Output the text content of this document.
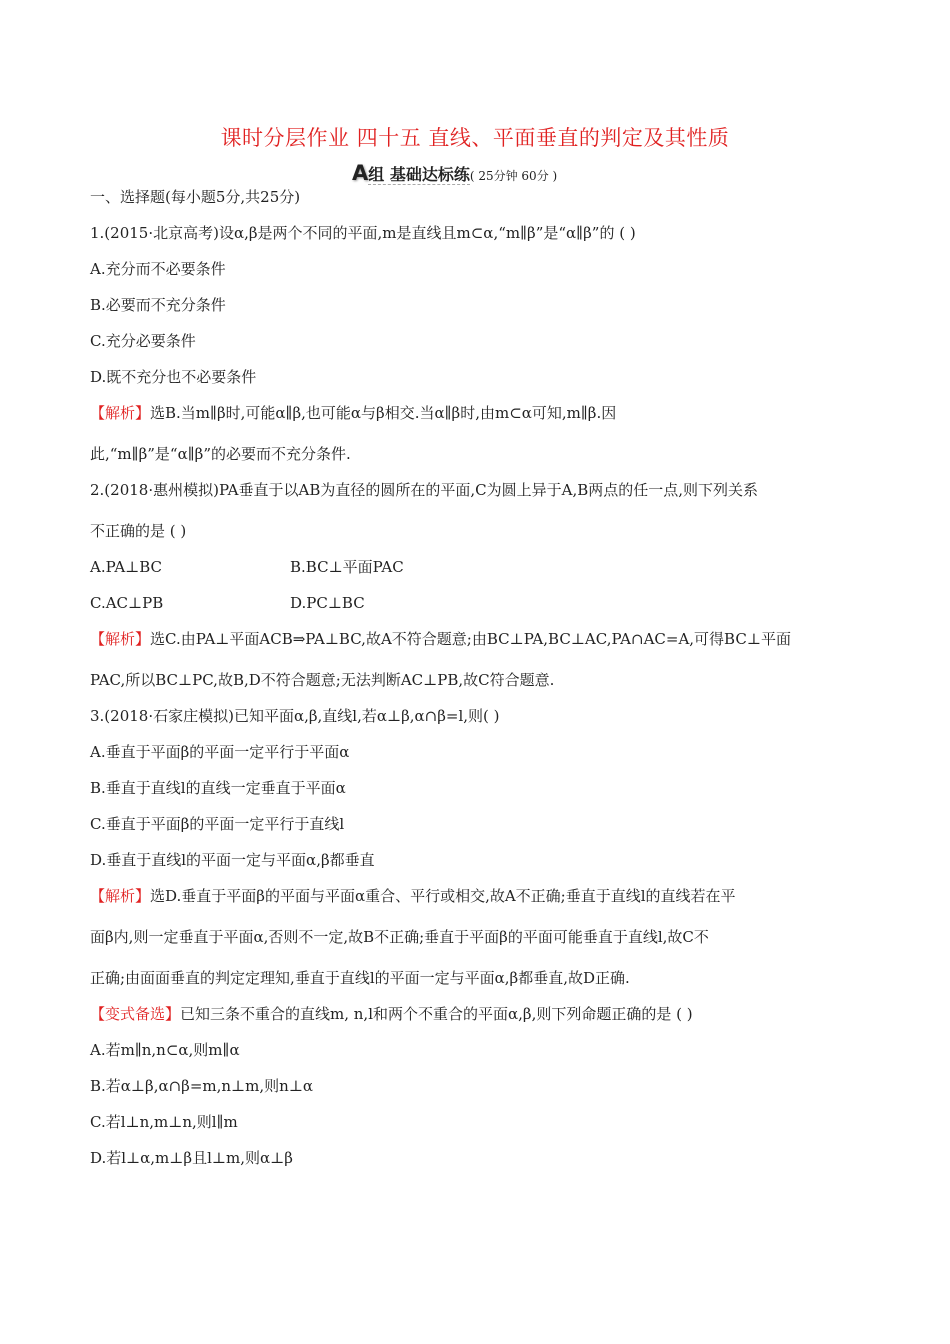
课时分层作业 四十五 直线、平面垂直的判定及其性质
A组 基础达标练( 25分钟 60分 )
一、选择题(每小题5分,共25分)
1.(2015·北京高考)设α,β是两个不同的平面,m是直线且m⊂α,“m∥β”是“α∥β”的 ( )
A.充分而不必要条件
B.必要而不充分条件
C.充分必要条件
D.既不充分也不必要条件
【解析】选B.当m∥β时,可能α∥β,也可能α与β相交.当α∥β时,由m⊂α可知,m∥β.因
此,“m∥β”是“α∥β”的必要而不充分条件.
2.(2018·惠州模拟)PA垂直于以AB为直径的圆所在的平面,C为圆上异于A,B两点的任一点,则下列关系
不正确的是 ( )
A.PA⊥BC	B.BC⊥平面PAC
C.AC⊥PB	D.PC⊥BC
【解析】选C.由PA⊥平面ACB⇒PA⊥BC,故A不符合题意;由BC⊥PA,BC⊥AC,PA∩AC=A,可得BC⊥平面
PAC,所以BC⊥PC,故B,D不符合题意;无法判断AC⊥PB,故C符合题意.
3.(2018·石家庄模拟)已知平面α,β,直线l,若α⊥β,α∩β=l,则( )
A.垂直于平面β的平面一定平行于平面α
B.垂直于直线l的直线一定垂直于平面α
C.垂直于平面β的平面一定平行于直线l
D.垂直于直线l的平面一定与平面α,β都垂直
【解析】选D.垂直于平面β的平面与平面α重合、平行或相交,故A不正确;垂直于直线l的直线若在平
面β内,则一定垂直于平面α,否则不一定,故B不正确;垂直于平面β的平面可能垂直于直线l,故C不
正确;由面面垂直的判定定理知,垂直于直线l的平面一定与平面α,β都垂直,故D正确.
【变式备选】已知三条不重合的直线m, n,l和两个不重合的平面α,β,则下列命题正确的是 ( )
A.若m∥n,n⊂α,则m∥α
B.若α⊥β,α∩β=m,n⊥m,则n⊥α
C.若l⊥n,m⊥n,则l∥m
D.若l⊥α,m⊥β且l⊥m,则α⊥β
